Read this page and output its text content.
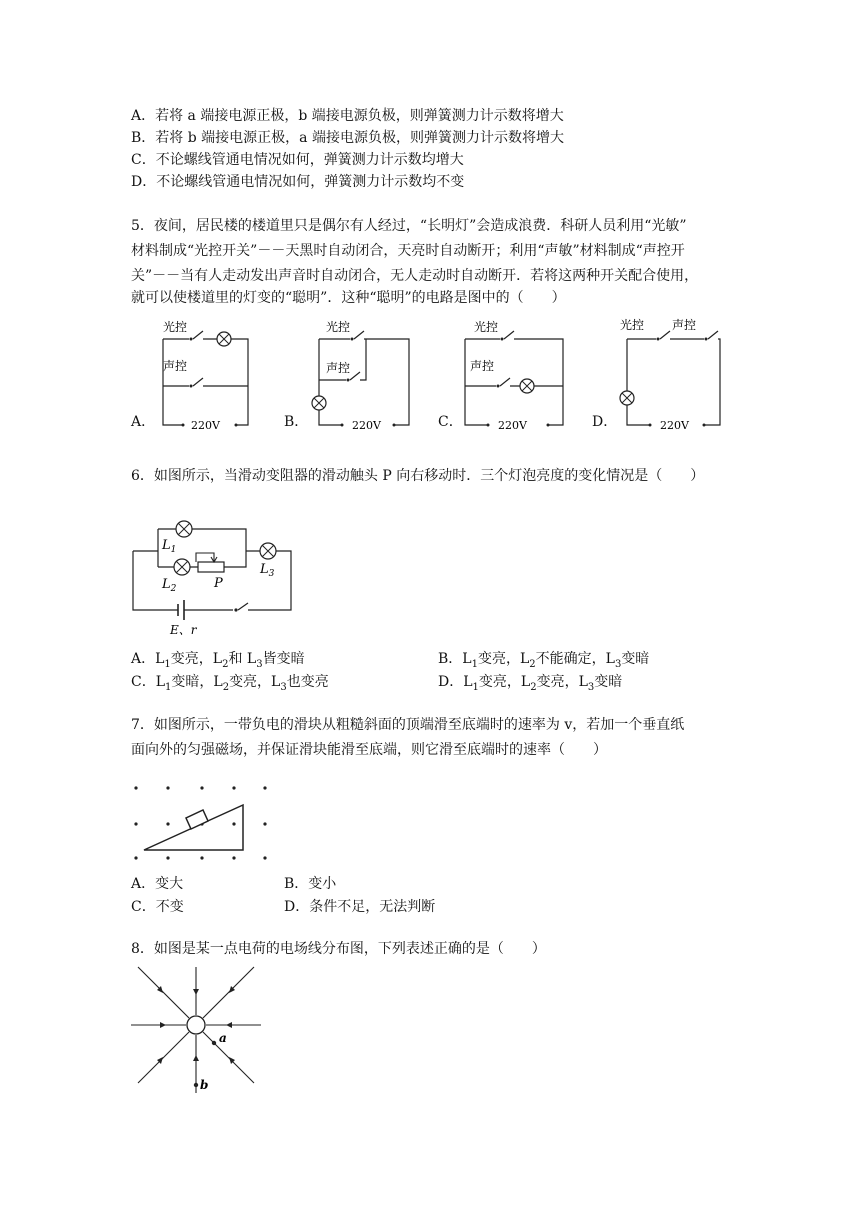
A．若将 a 端接电源正极，b 端接电源负极，则弹簧测力计示数将增大
B．若将 b 端接电源正极，a 端接电源负极，则弹簧测力计示数将增大
C．不论螺线管通电情况如何，弹簧测力计示数均增大
D．不论螺线管通电情况如何，弹簧测力计示数均不变
5．夜间，居民楼的楼道里只是偶尔有人经过，“长明灯”会造成浪费．科研人员利用“光敏”
材料制成“光控开关”－－天黑时自动闭合，天亮时自动断开；利用“声敏”材料制成“声控开
关”－－当有人走动发出声音时自动闭合，无人走动时自动断开．若将这两种开关配合使用，
就可以使楼道里的灯变的“聪明”．这种“聪明”的电路是图中的（　　）
A．
光控
声控
220V	B．
光控
声控
220V	C．
光控
声控
220V	D．
光控 声控
220V
6．如图所示，当滑动变阻器的滑动触头 P 向右移动时．三个灯泡亮度的变化情况是（　　）
$L_1$
$L_2$
$L_3$
P
E、r
A．$L_1$变亮，$L_2$和 $L_3$皆变暗	B．$L_1$变亮，$L_2$不能确定，$L_3$变暗
C．$L_1$变暗，$L_2$变亮，$L_3$也变亮	D．$L_1$变亮，$L_2$变亮，$L_3$变暗
7．如图所示，一带负电的滑块从粗糙斜面的顶端滑至底端时的速率为 v，若加一个垂直纸
面向外的匀强磁场，并保证滑块能滑至底端，则它滑至底端时的速率（　　）
A．变大	B．变小
C．不变	D．条件不足，无法判断
8．如图是某一点电荷的电场线分布图，下列表述正确的是（　　）
a
b
